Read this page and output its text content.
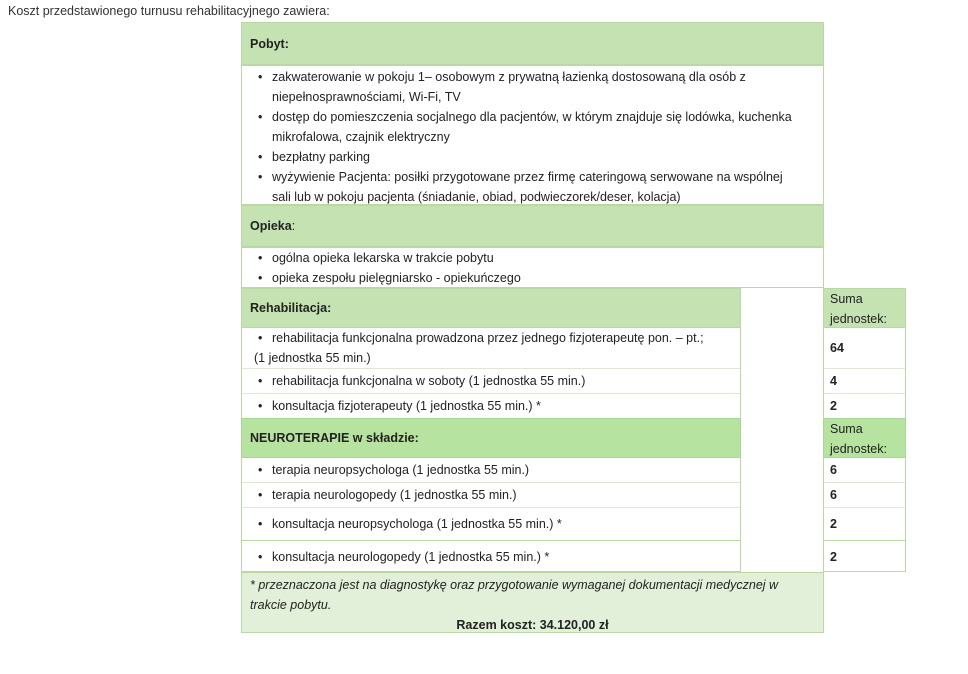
Koszt przedstawionego turnusu rehabilitacyjnego zawiera:
Pobyt:
• zakwaterowanie w pokoju 1– osobowym z prywatną łazienką dostosowaną dla osób z niepełnosprawnościami, Wi-Fi, TV
• dostęp do pomieszczenia socjalnego dla pacjentów, w którym znajduje się lodówka, kuchenka mikrofalowa, czajnik elektryczny
• bezpłatny parking
• wyżywienie Pacjenta: posiłki przygotowane przez firmę cateringową serwowane na wspólnej sali lub w pokoju pacjenta (śniadanie, obiad, podwieczorek/deser, kolacja)
Opieka :
• ogólna opieka lekarska w trakcie pobytu
• opieka zespołu pielęgniarsko - opiekuńczego
Rehabilitacja:
Suma jednostek:
• rehabilitacja funkcjonalna prowadzona przez jednego fizjoterapeutę pon. – pt.;
(1 jednostka 55 min.)
• rehabilitacja funkcjonalna w soboty (1 jednostka 55 min.)
• konsultacja fizjoterapeuty (1 jednostka 55 min.) *
64
4
2
NEUROTERAPIE w składzie:
Suma jednostek:
• terapia neuropsychologa (1 jednostka 55 min.)
• terapia neurologopedy (1 jednostka 55 min.)
• konsultacja neuropsychologa (1 jednostka 55 min.) *
• konsultacja neurologopedy (1 jednostka 55 min.) *
6
6
2
2
* przeznaczona jest na diagnostykę oraz przygotowanie wymaganej dokumentacji medycznej w trakcie pobytu.
Razem koszt: 34.120,00 zł
